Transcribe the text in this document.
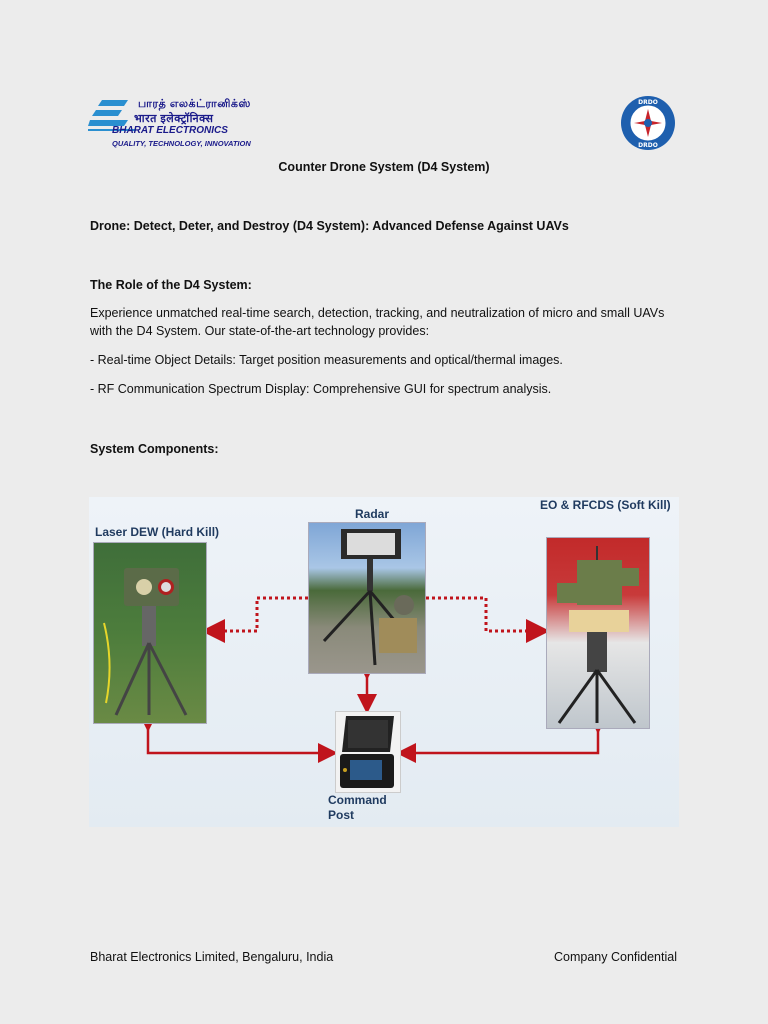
பாரத் எலக்ட்ரானிக்ஸ்
भारत इलेक्ट्रॉनिक्स
BHARAT ELECTRONICS
QUALITY, TECHNOLOGY, INNOVATION
DRDO
DRDO
Counter Drone System (D4 System)
Drone: Detect, Deter, and Destroy (D4 System): Advanced Defense Against UAVs
The Role of the D4 System:
Experience unmatched real-time search, detection, tracking, and neutralization of micro and small UAVs
with the D4 System. Our state-of-the-art technology provides:
- Real-time Object Details: Target position measurements and optical/thermal images.
- RF Communication Spectrum Display: Comprehensive GUI for spectrum analysis.
System Components:
Laser DEW (Hard Kill)
Radar
EO & RFCDS (Soft Kill)
Command
Post
Bharat Electronics Limited, Bengaluru, India	Company Confidential
